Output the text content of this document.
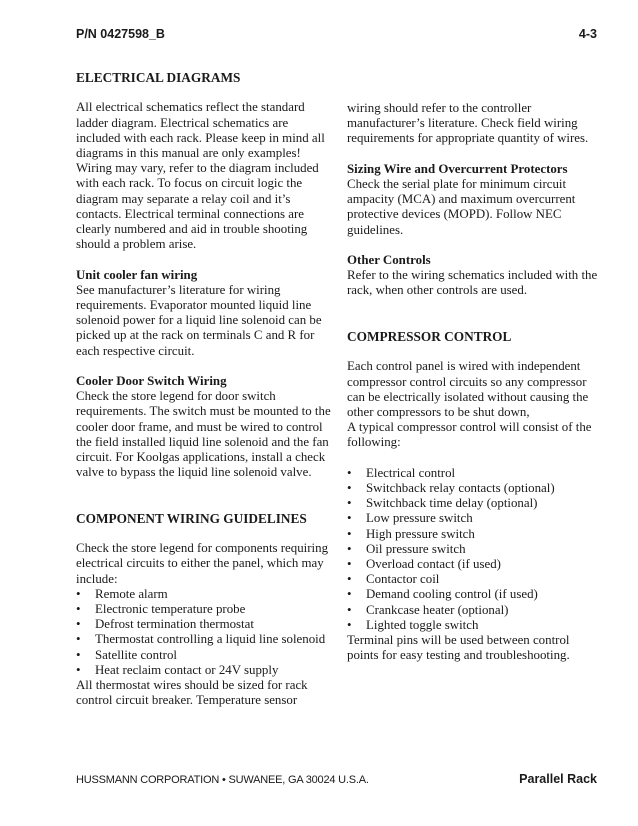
P/N 0427598_B	4-3

ELECTRICAL DIAGRAMS

All electrical schematics reflect the standard ladder diagram. Electrical schematics are included with each rack. Please keep in mind all diagrams in this manual are only examples! Wiring may vary, refer to the diagram included with each rack. To focus on circuit logic the diagram may separate a relay coil and it’s contacts. Electrical terminal connections are clearly numbered and aid in trouble shooting should a problem arise.

Unit cooler fan wiring

See manufacturer’s literature for wiring requirements. Evaporator mounted liquid line solenoid power for a liquid line solenoid can be picked up at the rack on terminals C and R for each respective circuit.

Cooler Door Switch Wiring

Check the store legend for door switch requirements. The switch must be mounted to the cooler door frame, and must be wired to control the field installed liquid line solenoid and the fan circuit. For Koolgas applications, install a check valve to bypass the liquid line solenoid valve.

COMPONENT WIRING GUIDELINES

Check the store legend for components requiring electrical circuits to either the panel, which may include:

• Remote alarm
• Electronic temperature probe
• Defrost termination thermostat
• Thermostat controlling a liquid line solenoid
• Satellite control
• Heat reclaim contact or 24V supply

All thermostat wires should be sized for rack control circuit breaker. Temperature sensor

wiring should refer to the controller manufacturer’s literature. Check field wiring requirements for appropriate quantity of wires.

Sizing Wire and Overcurrent Protectors

Check the serial plate for minimum circuit ampacity (MCA) and maximum overcurrent protective devices (MOPD). Follow NEC guidelines.

Other Controls

Refer to the wiring schematics included with the rack, when other controls are used.

COMPRESSOR CONTROL

Each control panel is wired with independent compressor control circuits so any compressor can be electrically isolated without causing the other compressors to be shut down,

A typical compressor control will consist of the following:

• Electrical control
• Switchback relay contacts (optional)
• Switchback time delay (optional)
• Low pressure switch
• High pressure switch
• Oil pressure switch
• Overload contact (if used)
• Contactor coil
• Demand cooling control (if used)
• Crankcase heater (optional)
• Lighted toggle switch

Terminal pins will be used between control points for easy testing and troubleshooting.

HUSSMANN CORPORATION • SUWANEE, GA 30024 U.S.A.	Parallel Rack
